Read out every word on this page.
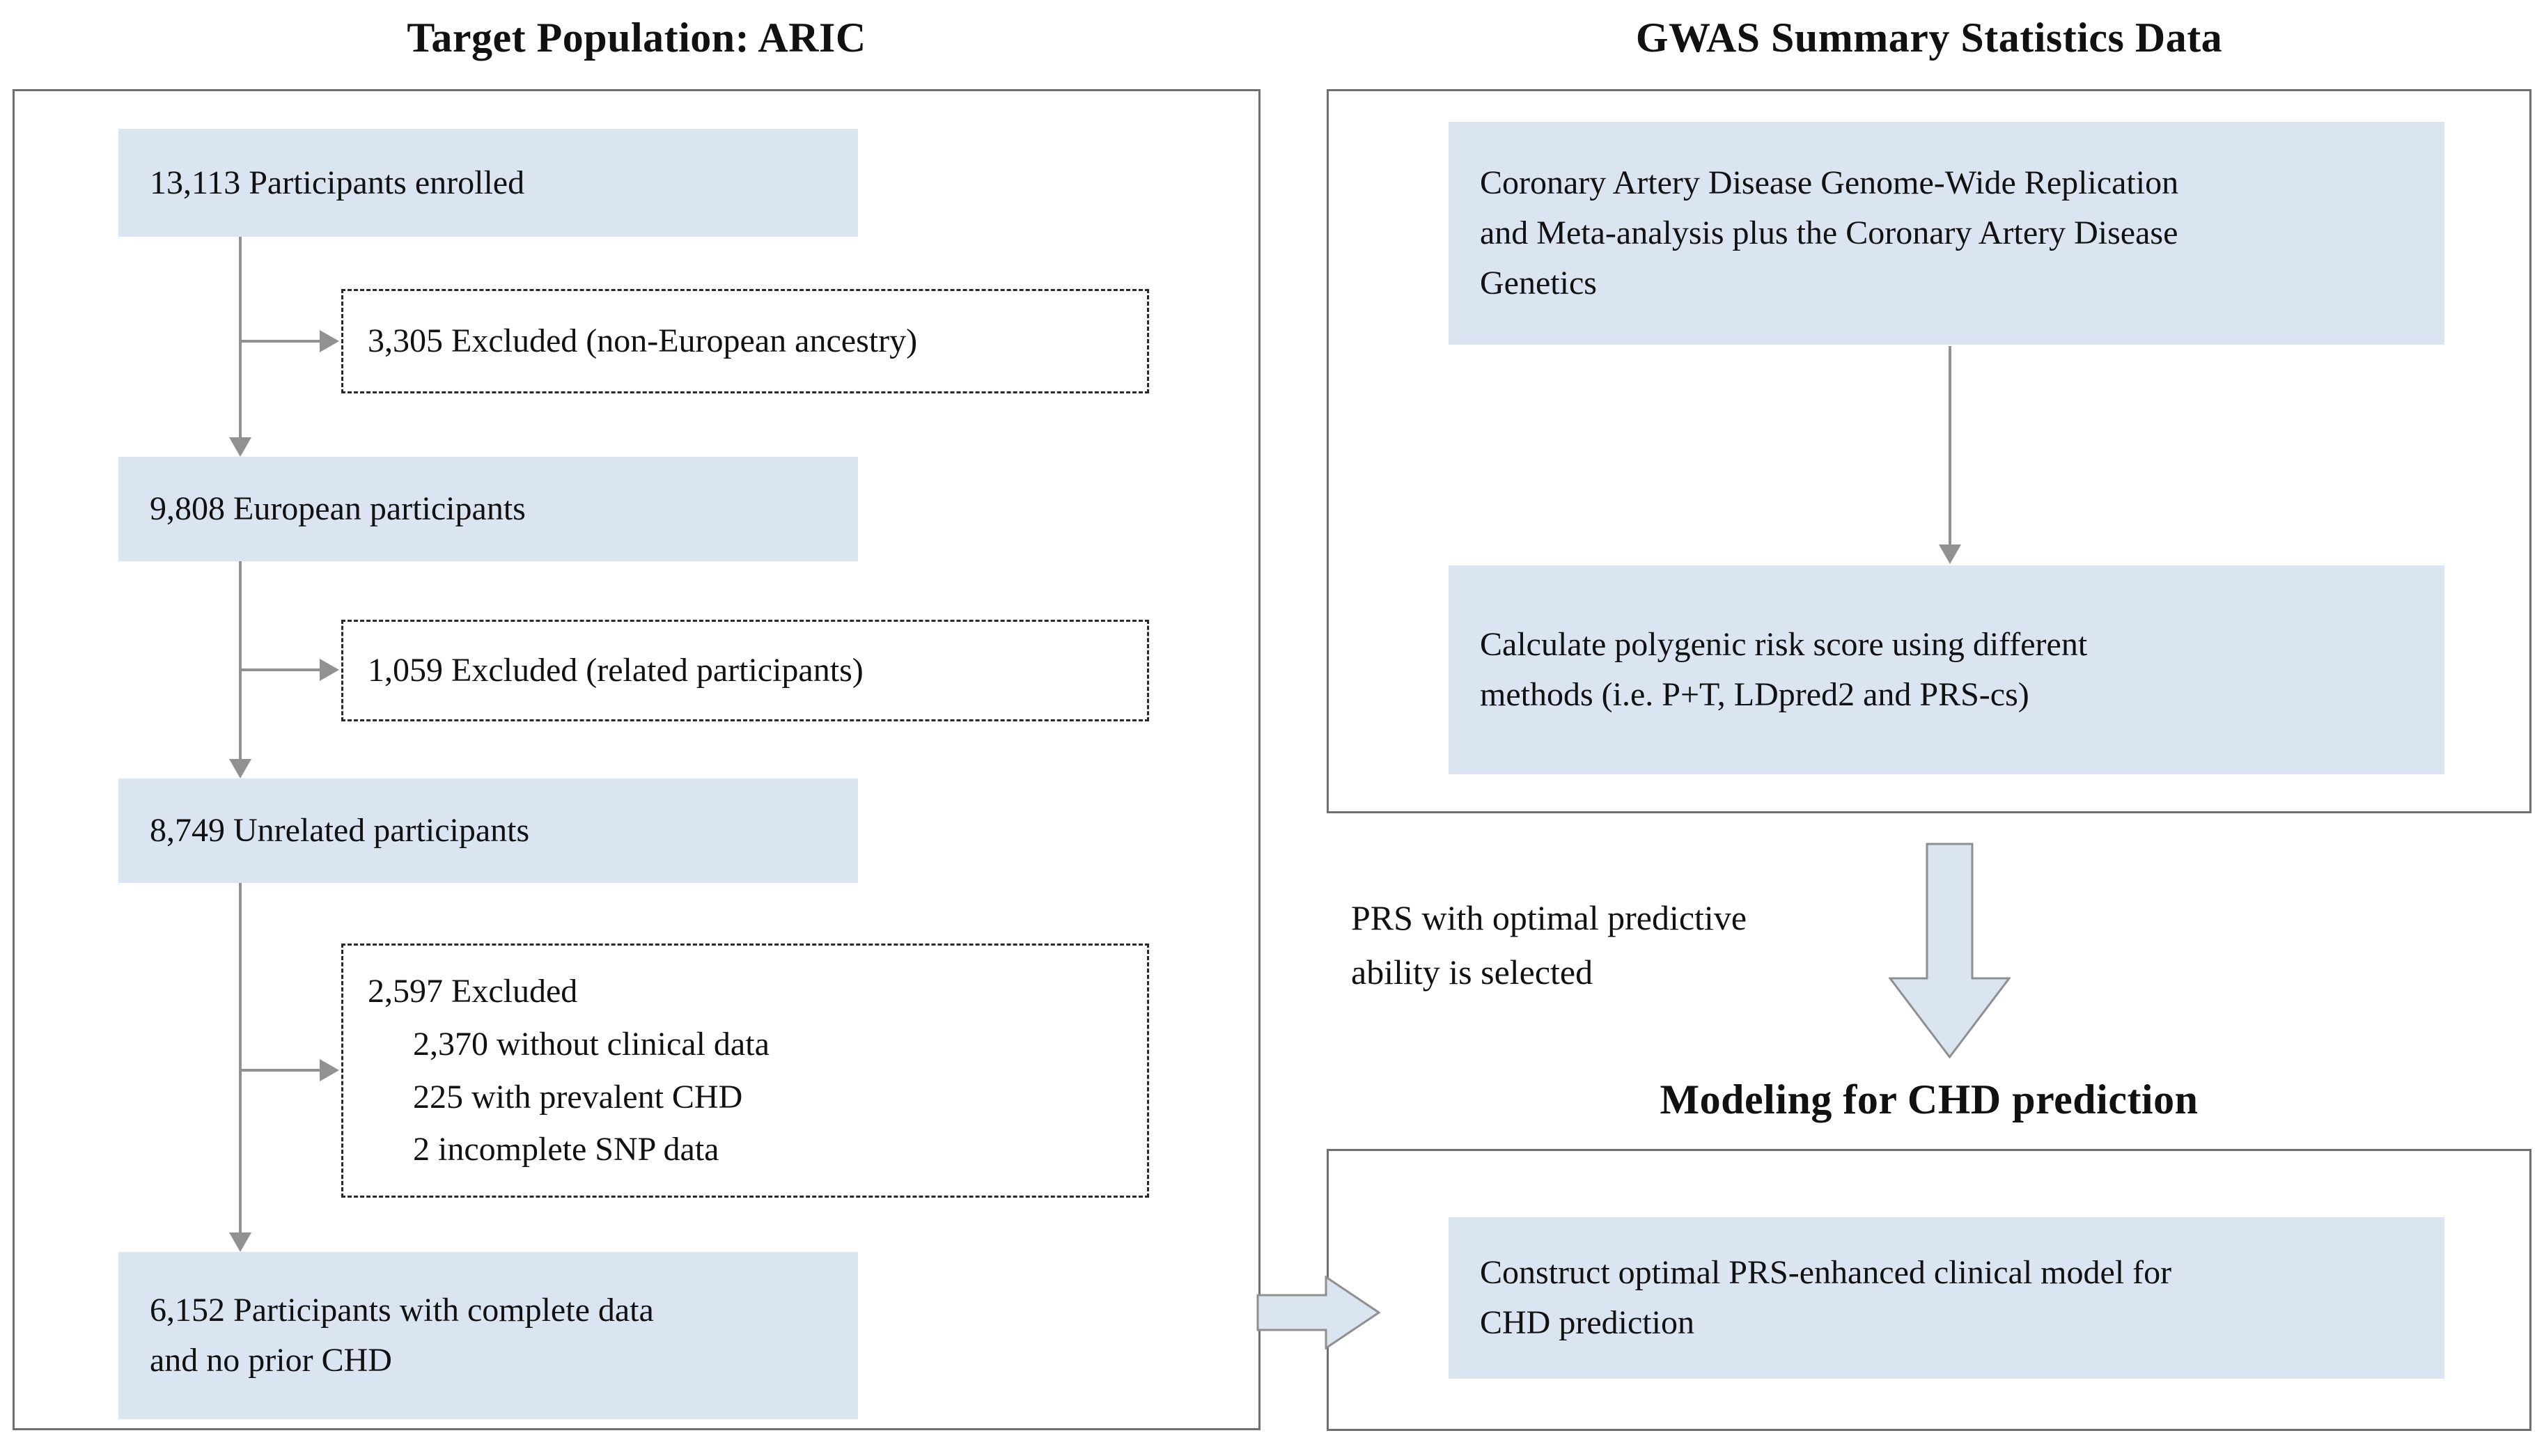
Target Population: ARIC
13,113 Participants enrolled
3,305 Excluded (non-European ancestry)
9,808 European participants
1,059 Excluded (related participants)
8,749 Unrelated participants
2,597 Excluded
2,370 without clinical data
225 with prevalent CHD
2 incomplete SNP data
6,152 Participants with complete data
and no prior CHD
GWAS Summary Statistics Data
Coronary Artery Disease Genome-Wide Replication
and Meta-analysis plus the Coronary Artery Disease
Genetics
Calculate polygenic risk score using different
methods (i.e. P+T, LDpred2 and PRS-cs)
PRS with optimal predictive
ability is selected
Modeling for CHD prediction
Construct optimal PRS-enhanced clinical model for
CHD prediction
